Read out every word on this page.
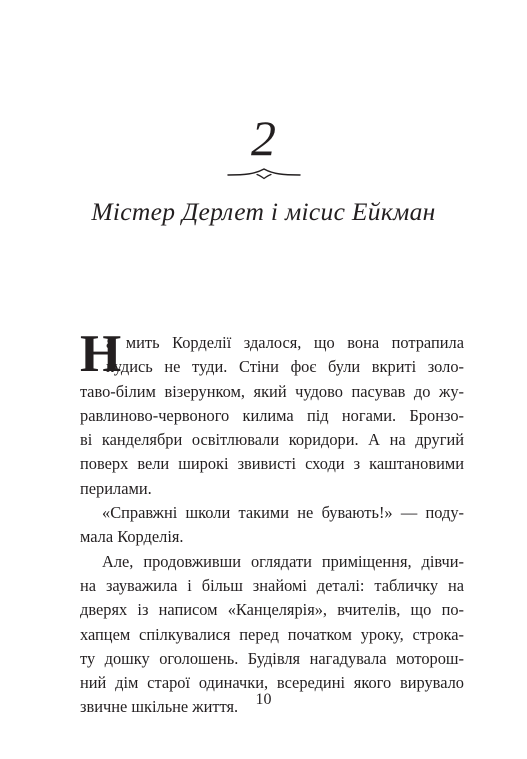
2
Містер Дерлет і місис Ейкман
Н
а мить Корделії здалося, що вона потрапила
кудись не туди. Стіни фоє були вкриті золо-
тaво-білим візерунком, який чудово пасував до жу-
равлиново-червоного килима під ногами. Бронзо-
ві канделябри освітлювали коридори. А на другий
поверх вели широкі звивисті сходи з каштановими
перилами.
«Справжні школи такими не бувають!» — поду-
мала Корделія.
Але, продовживши оглядати приміщення, дівчи-
на зауважила і більш знайомі деталі: табличку на
дверях із написом «Канцелярія», вчителів, що по-
хапцем спілкувалися перед початком уроку, строка-
ту дошку оголошень. Будівля нагадувала моторош-
ний дім старої одиначки, всередині якого вирувало
звичне шкільне життя.	10
